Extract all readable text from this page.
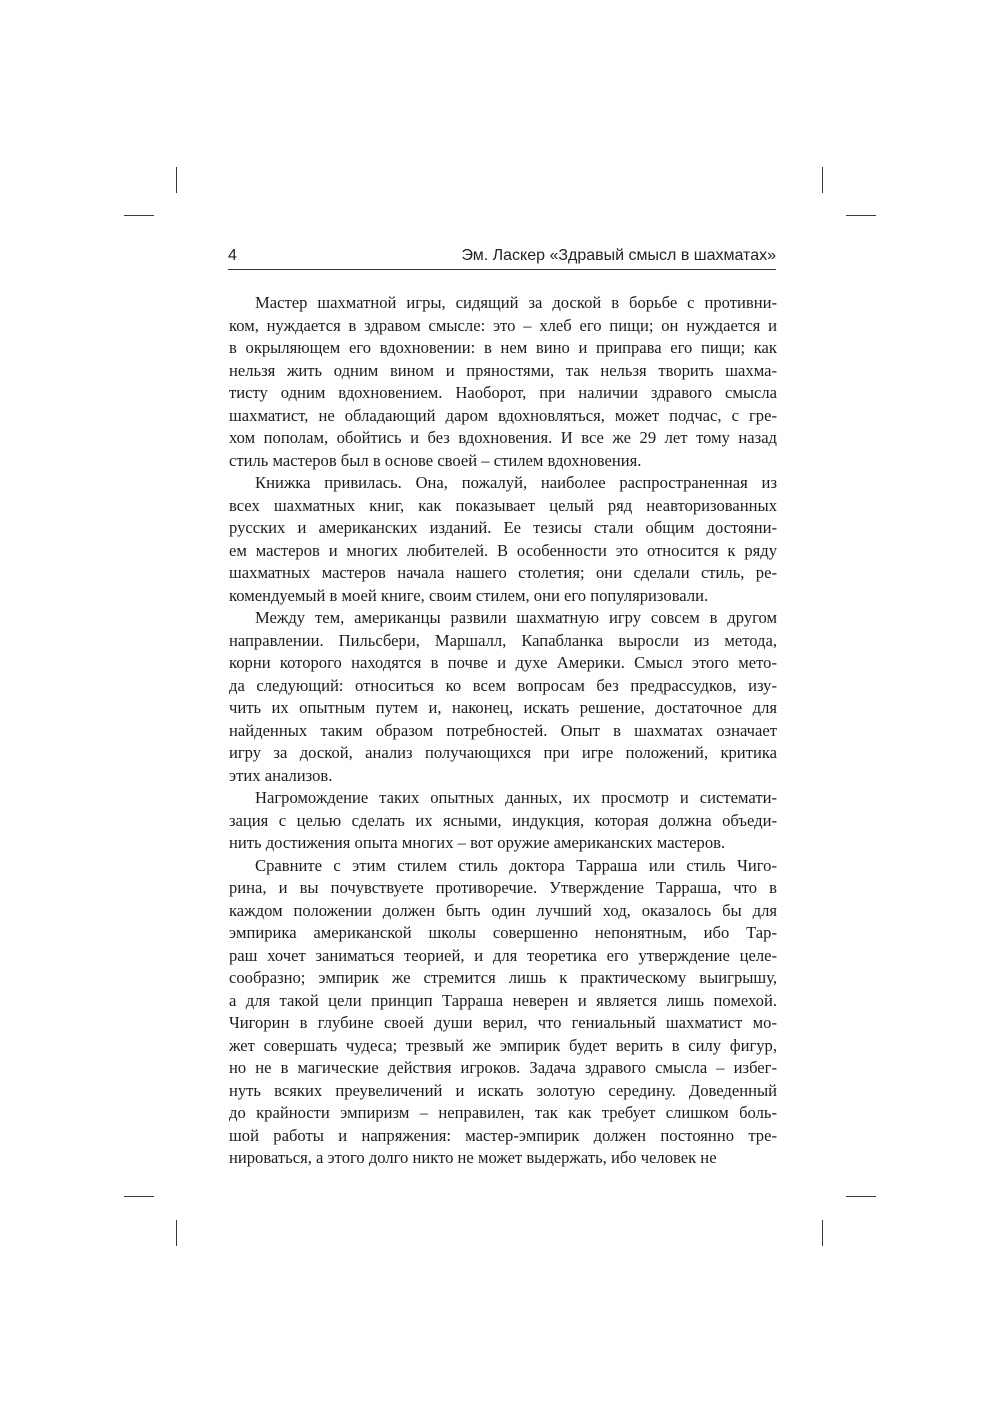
4	Эм. Ласкер «Здравый смысл в шахматах»
Мастер шахматной игры, сидящий за доской в борьбе с противни-
ком, нуждается в здравом смысле: это – хлеб его пищи; он нуждается и
в окрыляющем его вдохновении: в нем вино и приправа его пищи; как
нельзя жить одним вином и пряностями, так нельзя творить шахма-
тисту одним вдохновением. Наоборот, при наличии здравого смысла
шахматист, не обладающий даром вдохновляться, может подчас, с гре-
хом пополам, обойтись и без вдохновения. И все же 29 лет тому назад
стиль мастеров был в основе своей – стилем вдохновения.
Книжка привилась. Она, пожалуй, наиболее распространенная из
всех шахматных книг, как показывает целый ряд неавторизованных
русских и американских изданий. Ее тезисы стали общим достояни-
ем мастеров и многих любителей. В особенности это относится к ряду
шахматных мастеров начала нашего столетия; они сделали стиль, ре-
комендуемый в моей книге, своим стилем, они его популяризовали.
Между тем, американцы развили шахматную игру совсем в другом
направлении. Пильсбери, Маршалл, Капабланка выросли из метода,
корни которого находятся в почве и духе Америки. Смысл этого мето-
да следующий: относиться ко всем вопросам без предрассудков, изу-
чить их опытным путем и, наконец, искать решение, достаточное для
найденных таким образом потребностей. Опыт в шахматах означает
игру за доской, анализ получающихся при игре положений, критика
этих анализов.
Нагромождение таких опытных данных, их просмотр и системати-
зация с целью сделать их ясными, индукция, которая должна объеди-
нить достижения опыта многих – вот оружие американских мастеров.
Сравните с этим стилем стиль доктора Тарраша или стиль Чиго-
рина, и вы почувствуете противоречие. Утверждение Тарраша, что в
каждом положении должен быть один лучший ход, оказалось бы для
эмпирика американской школы совершенно непонятным, ибо Тар-
раш хочет заниматься теорией, и для теоретика его утверждение целе-
сообразно; эмпирик же стремится лишь к практическому выигрышу,
а для такой цели принцип Тарраша неверен и является лишь помехой.
Чигорин в глубине своей души верил, что гениальный шахматист мо-
жет совершать чудеса; трезвый же эмпирик будет верить в силу фигур,
но не в магические действия игроков. Задача здравого смысла – избег-
нуть всяких преувеличений и искать золотую середину. Доведенный
до крайности эмпиризм – неправилен, так как требует слишком боль-
шой работы и напряжения: мастер-эмпирик должен постоянно тре-
нироваться, а этого долго никто не может выдержать, ибо человек не
